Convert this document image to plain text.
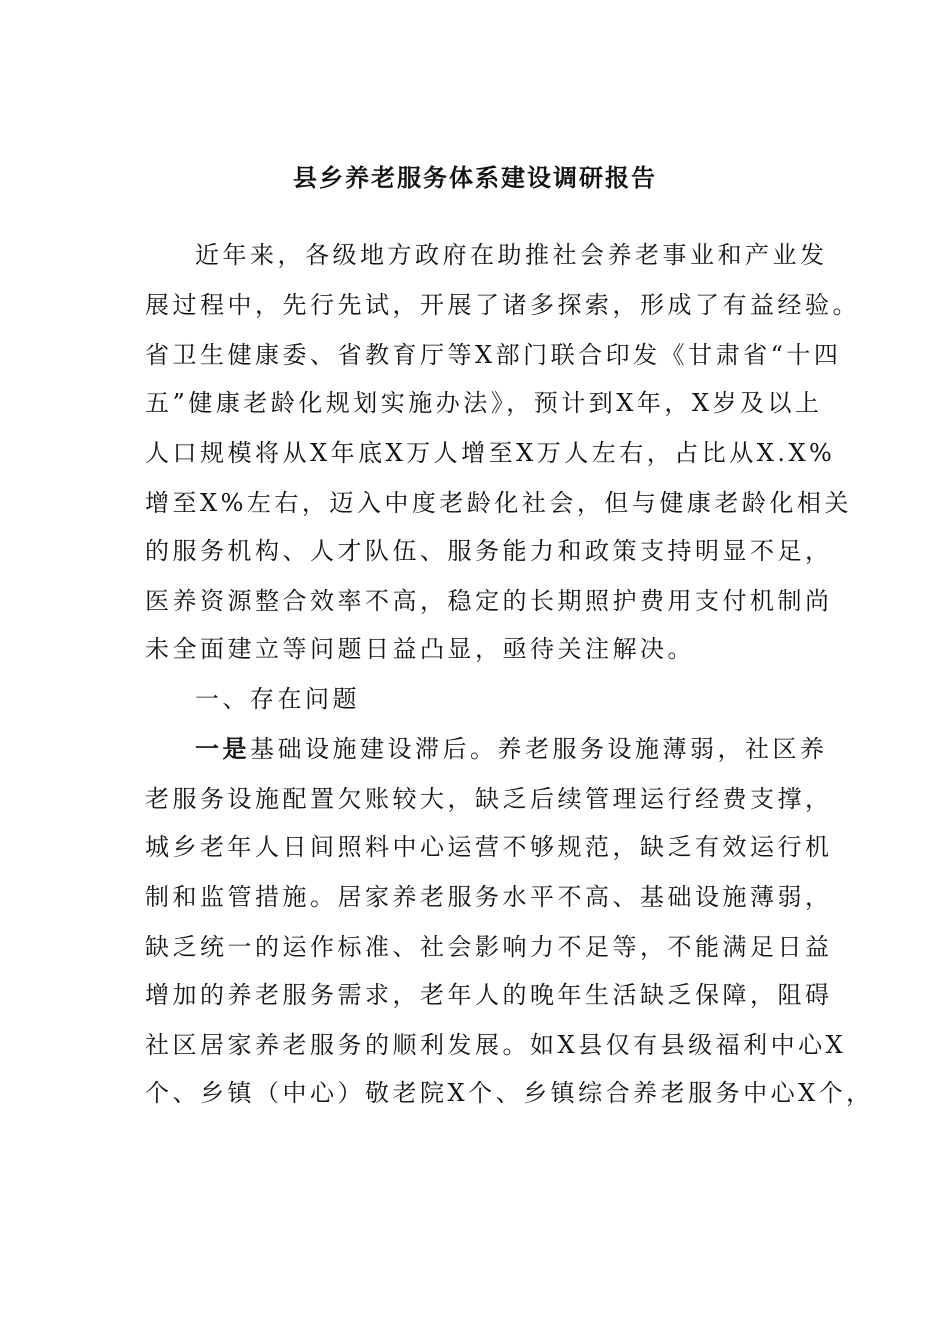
县乡养老服务体系建设调研报告

近年来，各级地方政府在助推社会养老事业和产业发

展过程中，先行先试，开展了诸多探索，形成了有益经验。

省卫生健康委、省教育厅等X部门联合印发《甘肃省“十四

五”健康老龄化规划实施办法》，预计到X年，X岁及以上

人口规模将从X年底X万人增至X万人左右，占比从X.X%

增至X%左右，迈入中度老龄化社会，但与健康老龄化相关

的服务机构、人才队伍、服务能力和政策支持明显不足，

医养资源整合效率不高，稳定的长期照护费用支付机制尚

未全面建立等问题日益凸显，亟待关注解决。

一、存在问题

一是基础设施建设滞后。养老服务设施薄弱，社区养

老服务设施配置欠账较大，缺乏后续管理运行经费支撑，

城乡老年人日间照料中心运营不够规范，缺乏有效运行机

制和监管措施。居家养老服务水平不高、基础设施薄弱，

缺乏统一的运作标准、社会影响力不足等，不能满足日益

增加的养老服务需求，老年人的晚年生活缺乏保障，阻碍

社区居家养老服务的顺利发展。如X县仅有县级福利中心X

个、乡镇（中心）敬老院X个、乡镇综合养老服务中心X个，
